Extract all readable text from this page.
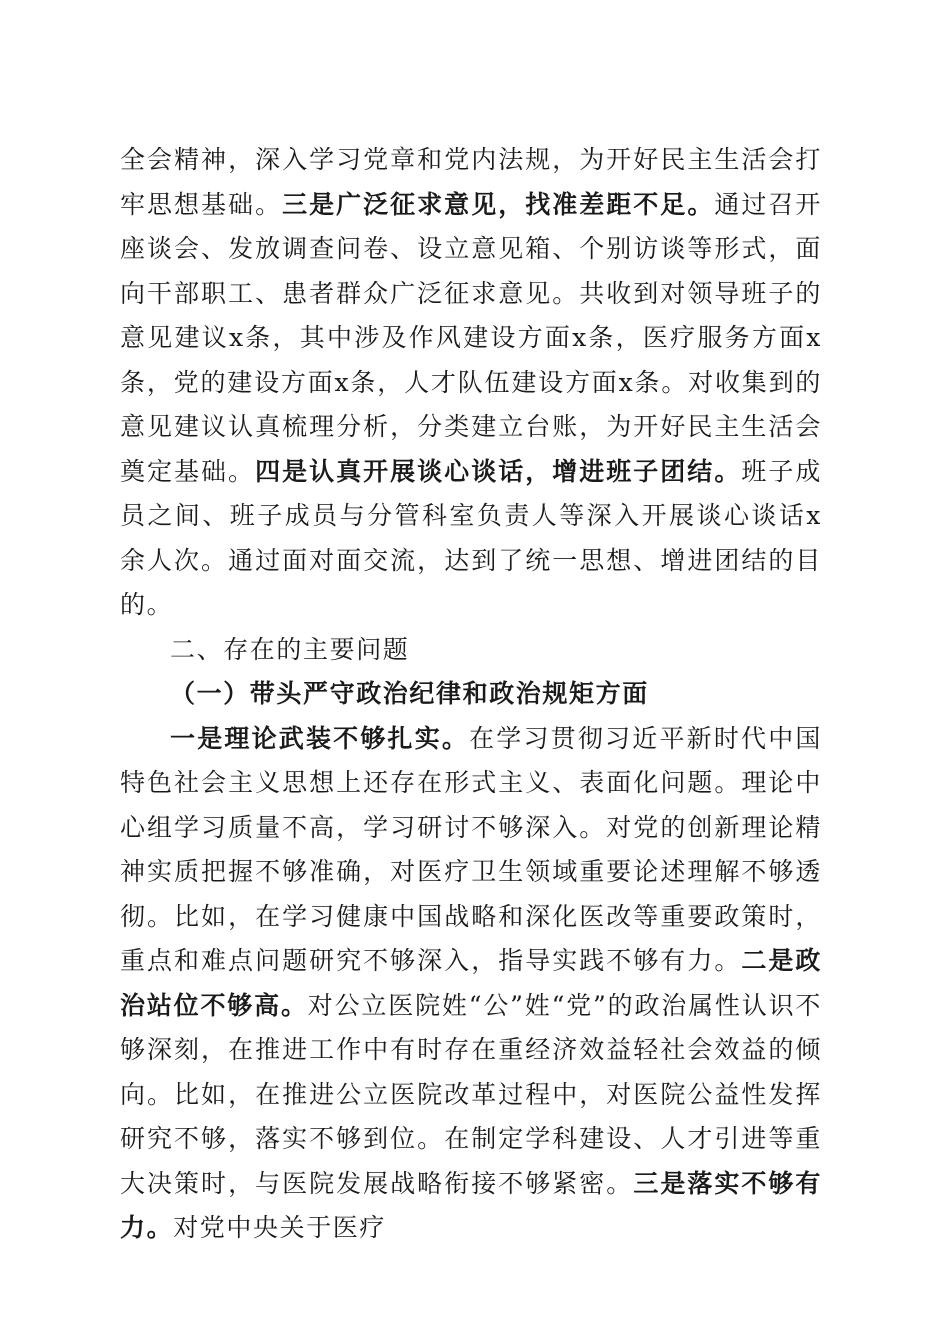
全会精神，深入学习党章和党内法规，为开好民主生活会打牢思想基础。三是广泛征求意见，找准差距不足。通过召开座谈会、发放调查问卷、设立意见箱、个别访谈等形式，面向干部职工、患者群众广泛征求意见。共收到对领导班子的意见建议x条，其中涉及作风建设方面x条，医疗服务方面x条，党的建设方面x条，人才队伍建设方面x条。对收集到的意见建议认真梳理分析，分类建立台账，为开好民主生活会奠定基础。四是认真开展谈心谈话，增进班子团结。班子成员之间、班子成员与分管科室负责人等深入开展谈心谈话x余人次。通过面对面交流，达到了统一思想、增进团结的目的。

二、存在的主要问题

（一）带头严守政治纪律和政治规矩方面

一是理论武装不够扎实。在学习贯彻习近平新时代中国特色社会主义思想上还存在形式主义、表面化问题。理论中心组学习质量不高，学习研讨不够深入。对党的创新理论精神实质把握不够准确，对医疗卫生领域重要论述理解不够透彻。比如，在学习健康中国战略和深化医改等重要政策时，重点和难点问题研究不够深入，指导实践不够有力。二是政治站位不够高。对公立医院姓“公”姓“党”的政治属性认识不够深刻，在推进工作中有时存在重经济效益轻社会效益的倾向。比如，在推进公立医院改革过程中，对医院公益性发挥研究不够，落实不够到位。在制定学科建设、人才引进等重大决策时，与医院发展战略衔接不够紧密。三是落实不够有力。对党中央关于医疗
